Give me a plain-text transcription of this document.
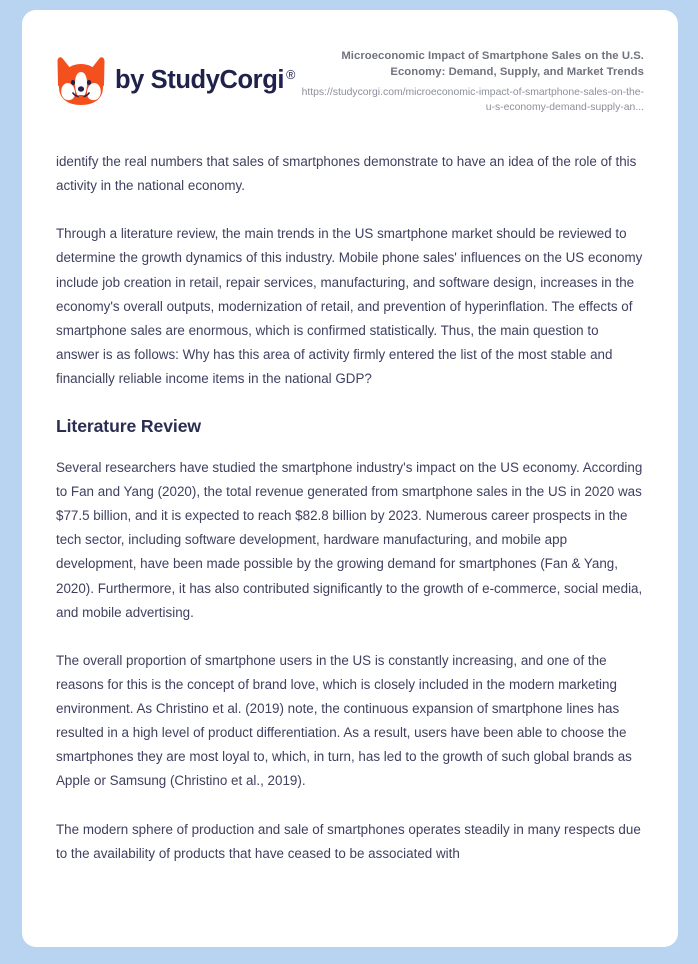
by StudyCorgi ®
Microeconomic Impact of Smartphone Sales on the U.S. Economy: Demand, Supply, and Market Trends
https://studycorgi.com/microeconomic-impact-of-smartphone-sales-on-the-u-s-economy-demand-supply-an...

identify the real numbers that sales of smartphones demonstrate to have an idea of the role of this activity in the national economy.

Through a literature review, the main trends in the US smartphone market should be reviewed to determine the growth dynamics of this industry. Mobile phone sales' influences on the US economy include job creation in retail, repair services, manufacturing, and software design, increases in the economy's overall outputs, modernization of retail, and prevention of hyperinflation. The effects of smartphone sales are enormous, which is confirmed statistically. Thus, the main question to answer is as follows: Why has this area of activity firmly entered the list of the most stable and financially reliable income items in the national GDP?

Literature Review

Several researchers have studied the smartphone industry's impact on the US economy. According to Fan and Yang (2020), the total revenue generated from smartphone sales in the US in 2020 was $77.5 billion, and it is expected to reach $82.8 billion by 2023. Numerous career prospects in the tech sector, including software development, hardware manufacturing, and mobile app development, have been made possible by the growing demand for smartphones (Fan & Yang, 2020). Furthermore, it has also contributed significantly to the growth of e-commerce, social media, and mobile advertising.

The overall proportion of smartphone users in the US is constantly increasing, and one of the reasons for this is the concept of brand love, which is closely included in the modern marketing environment. As Christino et al. (2019) note, the continuous expansion of smartphone lines has resulted in a high level of product differentiation. As a result, users have been able to choose the smartphones they are most loyal to, which, in turn, has led to the growth of such global brands as Apple or Samsung (Christino et al., 2019).

The modern sphere of production and sale of smartphones operates steadily in many respects due to the availability of products that have ceased to be associated with
